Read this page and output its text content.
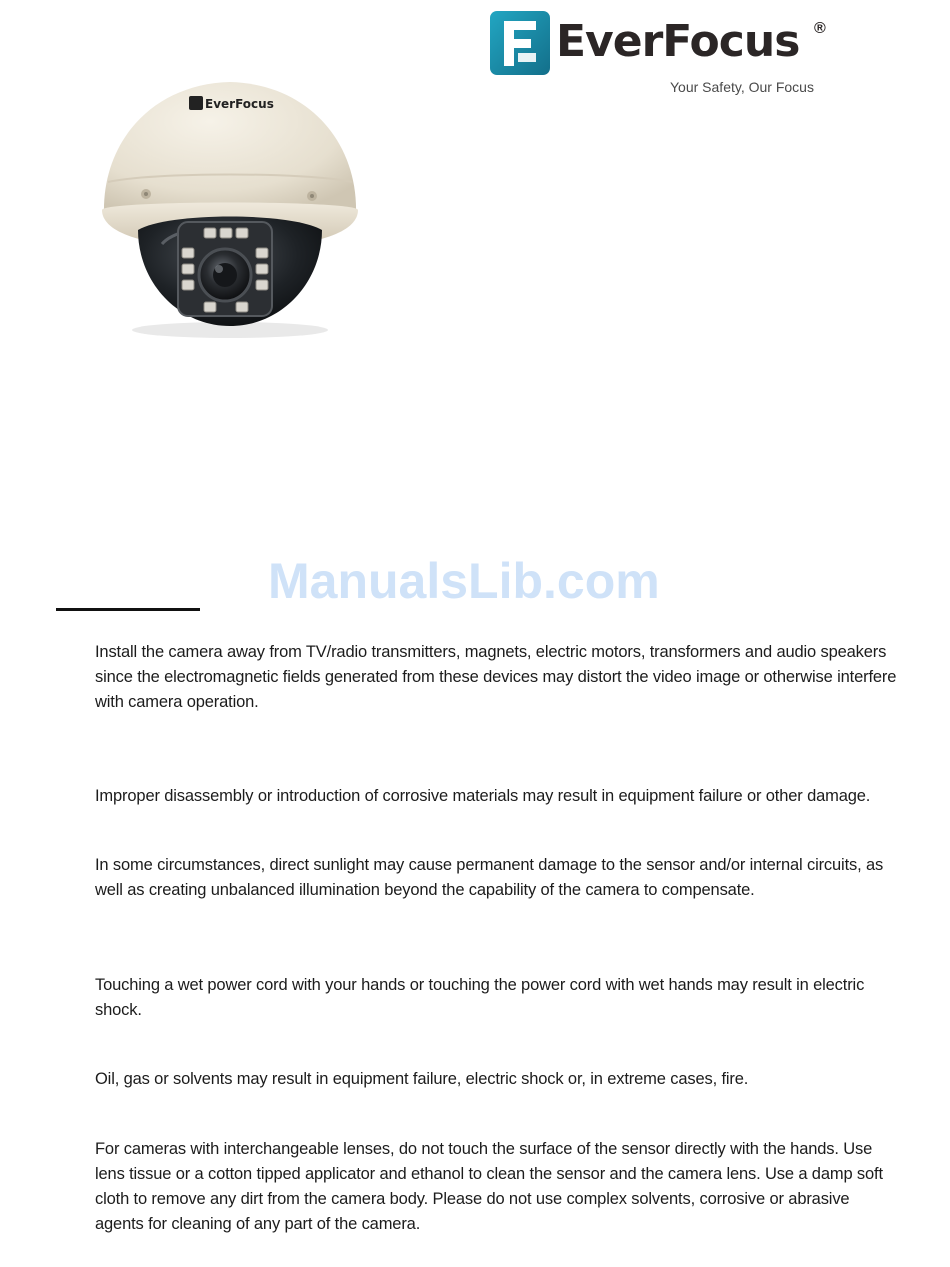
EverFocus ®
Your Safety, Our Focus
EverFocus
ManualsLib.com

Install the camera away from TV/radio transmitters, magnets, electric motors, transformers and audio speakers since the electromagnetic fields generated from these devices may distort the video image or otherwise interfere with camera operation.

Improper disassembly or introduction of corrosive materials may result in equipment failure or other damage.

In some circumstances, direct sunlight may cause permanent damage to the sensor and/or internal circuits, as well as creating unbalanced illumination beyond the capability of the camera to compensate.

Touching a wet power cord with your hands or touching the power cord with wet hands may result in electric shock.

Oil, gas or solvents may result in equipment failure, electric shock or, in extreme cases, fire.

For cameras with interchangeable lenses, do not touch the surface of the sensor directly with the hands. Use lens tissue or a cotton tipped applicator and ethanol to clean the sensor and the camera lens. Use a damp soft cloth to remove any dirt from the camera body. Please do not use complex solvents, corrosive or abrasive agents for cleaning of any part of the camera.
